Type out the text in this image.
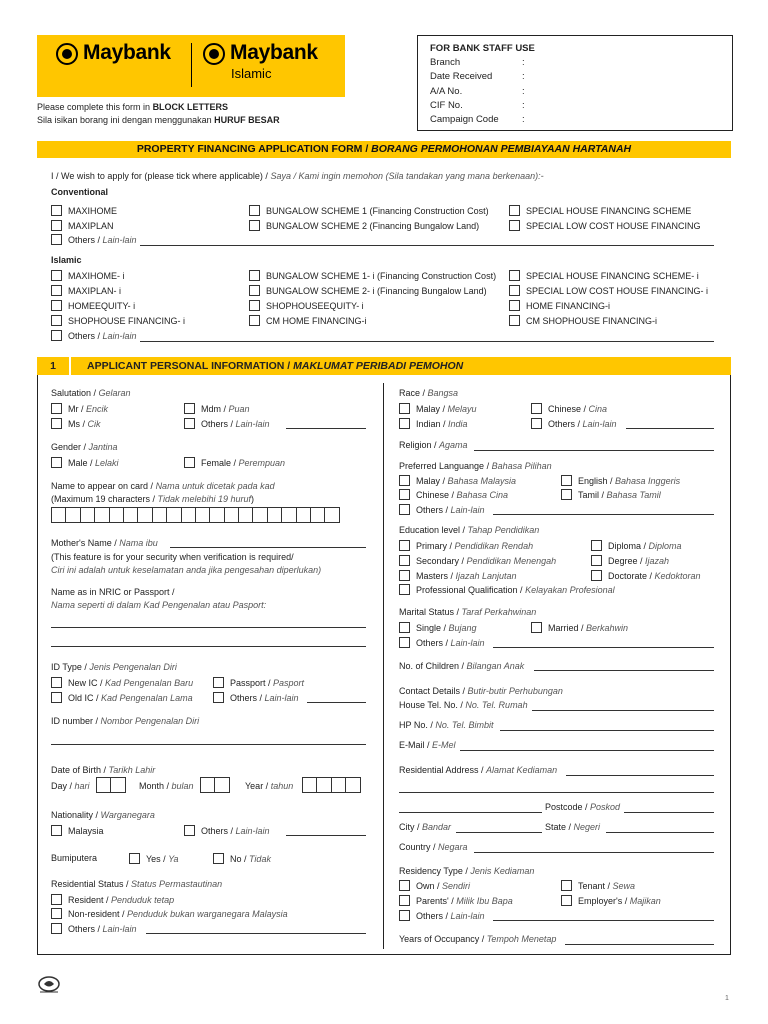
Maybank	Maybank
Islamic
Please complete this form in BLOCK LETTERS
Sila isikan borang ini dengan menggunakan HURUF BESAR
FOR BANK STAFF USE
Branch	:
Date Received	:
A/A No.	:
CIF No.	:
Campaign Code :
PROPERTY FINANCING APPLICATION FORM / BORANG PERMOHONAN PEMBIAYAAN HARTANAH
I / We wish to apply for (please tick where applicable) / Saya / Kami ingin memohon (Sila tandakan yang mana berkenaan):-
Conventional
MAXIHOME
MAXIPLAN
Others / Lain-lain
BUNGALOW SCHEME 1 (Financing Construction Cost)
BUNGALOW SCHEME 2 (Financing Bungalow Land)
SPECIAL HOUSE FINANCING SCHEME
SPECIAL LOW COST HOUSE FINANCING
Islamic
MAXIHOME- i
MAXIPLAN- i
HOMEEQUITY- i
SHOPHOUSE FINANCING- i
Others / Lain-lain
BUNGALOW SCHEME 1- i (Financing Construction Cost)
BUNGALOW SCHEME 2- i (Financing Bungalow Land)
SHOPHOUSEEQUITY- i
CM HOME FINANCING-i
SPECIAL HOUSE FINANCING SCHEME- i
SPECIAL LOW COST HOUSE FINANCING- i
HOME FINANCING-i
CM SHOPHOUSE FINANCING-i
1	APPLICANT PERSONAL INFORMATION / MAKLUMAT PERIBADI PEMOHON
Salutation / Gelaran
Mr / Encik	Mdm / Puan
Ms / Cik	Others / Lain-lain
Gender / Jantina
Male / Lelaki	Female / Perempuan
Name to appear on card / Nama untuk dicetak pada kad
(Maximum 19 characters / Tidak melebihi 19 huruf)
Mother's Name / Nama ibu
(This feature is for your security when verification is required/
Ciri ini adalah untuk keselamatan anda jika pengesahan diperlukan)
Name as in NRIC or Passport /
Nama seperti di dalam Kad Pengenalan atau Pasport:
ID Type / Jenis Pengenalan Diri
New IC / Kad Pengenalan Baru	Passport / Pasport
Old IC / Kad Pengenalan Lama	Others / Lain-lain
ID number / Nombor Pengenalan Diri
Date of Birth / Tarikh Lahir
Day / hari	Month / bulan	Year / tahun
Nationality / Warganegara
Malaysia	Others / Lain-lain
Bumiputera	Yes / Ya	No / Tidak
Residential Status / Status Permastautinan
Resident / Penduduk tetap
Non-resident / Penduduk bukan warganegara Malaysia
Others / Lain-lain
Race / Bangsa
Malay / Melayu	Chinese / Cina
Indian / India	Others / Lain-lain
Religion / Agama
Preferred Languange / Bahasa Pilihan
Malay / Bahasa Malaysia	English / Bahasa Inggeris
Chinese / Bahasa Cina	Tamil / Bahasa Tamil
Others / Lain-lain
Education level / Tahap Pendidikan
Primary / Pendidikan Rendah	Diploma / Diploma
Secondary / Pendidikan Menengah	Degree / Ijazah
Masters / Ijazah Lanjutan	Doctorate / Kedoktoran
Professional Qualification / Kelayakan Profesional
Marital Status / Taraf Perkahwinan
Single / Bujang	Married / Berkahwin
Others / Lain-lain
No. of Children / Bilangan Anak
Contact Details / Butir-butir Perhubungan
House Tel. No. / No. Tel. Rumah
HP No. / No. Tel. Bimbit
E-Mail / E-Mel
Residential Address / Alamat Kediaman
Postcode / Poskod
City / Bandar	State / Negeri
Country / Negara
Residency Type / Jenis Kediaman
Own / Sendiri	Tenant / Sewa
Parents' / Milik Ibu Bapa	Employer's / Majikan
Others / Lain-lain
Years of Occupancy / Tempoh Menetap
1
